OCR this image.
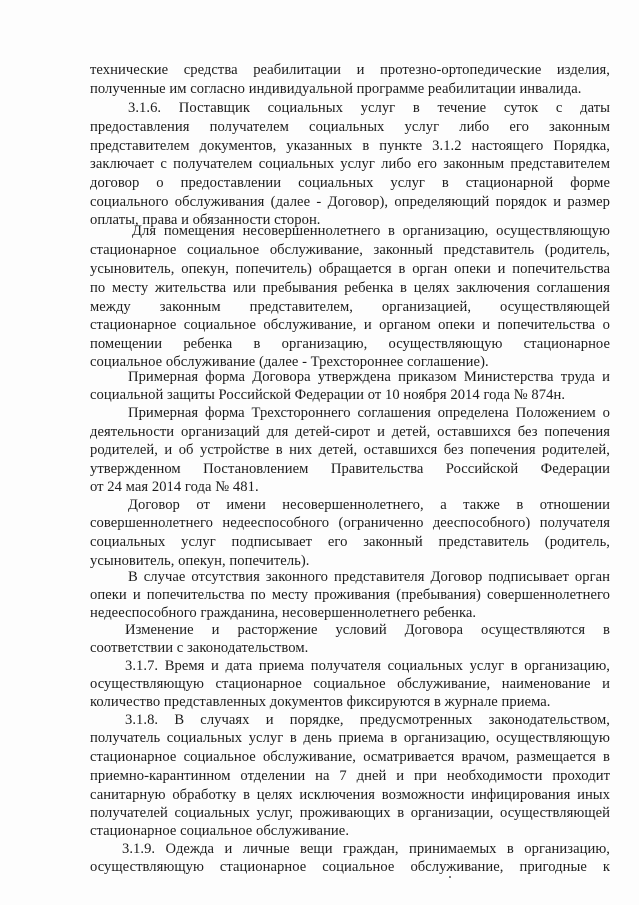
технические средства реабилитации и протезно-ортопедические изделия,
полученные им согласно индивидуальной программе реабилитации инвалида.
3.1.6. Поставщик социальных услуг в течение суток с даты
предоставления получателем социальных услуг либо его законным
представителем документов, указанных в пункте 3.1.2 настоящего Порядка,
заключает с получателем социальных услуг либо его законным представителем
договор о предоставлении социальных услуг в стационарной форме
социального обслуживания (далее - Договор), определяющий порядок и размер
оплаты, права и обязанности сторон.
Для помещения несовершеннолетнего в организацию, осуществляющую
стационарное социальное обслуживание, законный представитель (родитель,
усыновитель, опекун, попечитель) обращается в орган опеки и попечительства
по месту жительства или пребывания ребенка в целях заключения соглашения
между законным представителем, организацией, осуществляющей
стационарное социальное обслуживание, и органом опеки и попечительства о
помещении ребенка в организацию, осуществляющую стационарное
социальное обслуживание (далее - Трехстороннее соглашение).
Примерная форма Договора утверждена приказом Министерства труда и
социальной защиты Российской Федерации от 10 ноября 2014 года № 874н.
Примерная форма Трехстороннего соглашения определена Положением о
деятельности организаций для детей-сирот и детей, оставшихся без попечения
родителей, и об устройстве в них детей, оставшихся без попечения родителей,
утвержденном Постановлением Правительства Российской Федерации
от 24 мая 2014 года № 481.
Договор от имени несовершеннолетнего, а также в отношении
совершеннолетнего недееспособного (ограниченно дееспособного) получателя
социальных услуг подписывает его законный представитель (родитель,
усыновитель, опекун, попечитель).
В случае отсутствия законного представителя Договор подписывает орган
опеки и попечительства по месту проживания (пребывания) совершеннолетнего
недееспособного гражданина, несовершеннолетнего ребенка.
Изменение и расторжение условий Договора осуществляются в
соответствии с законодательством.
3.1.7. Время и дата приема получателя социальных услуг в организацию,
осуществляющую стационарное социальное обслуживание, наименование и
количество представленных документов фиксируются в журнале приема.
3.1.8. В случаях и порядке, предусмотренных законодательством,
получатель социальных услуг в день приема в организацию, осуществляющую
стационарное социальное обслуживание, осматривается врачом, размещается в
приемно-карантинном отделении на 7 дней и при необходимости проходит
санитарную обработку в целях исключения возможности инфицирования иных
получателей социальных услуг, проживающих в организации, осуществляющей
стационарное социальное обслуживание.
3.1.9. Одежда и личные вещи граждан, принимаемых в организацию,
осуществляющую стационарное социальное обслуживание, пригодные к
